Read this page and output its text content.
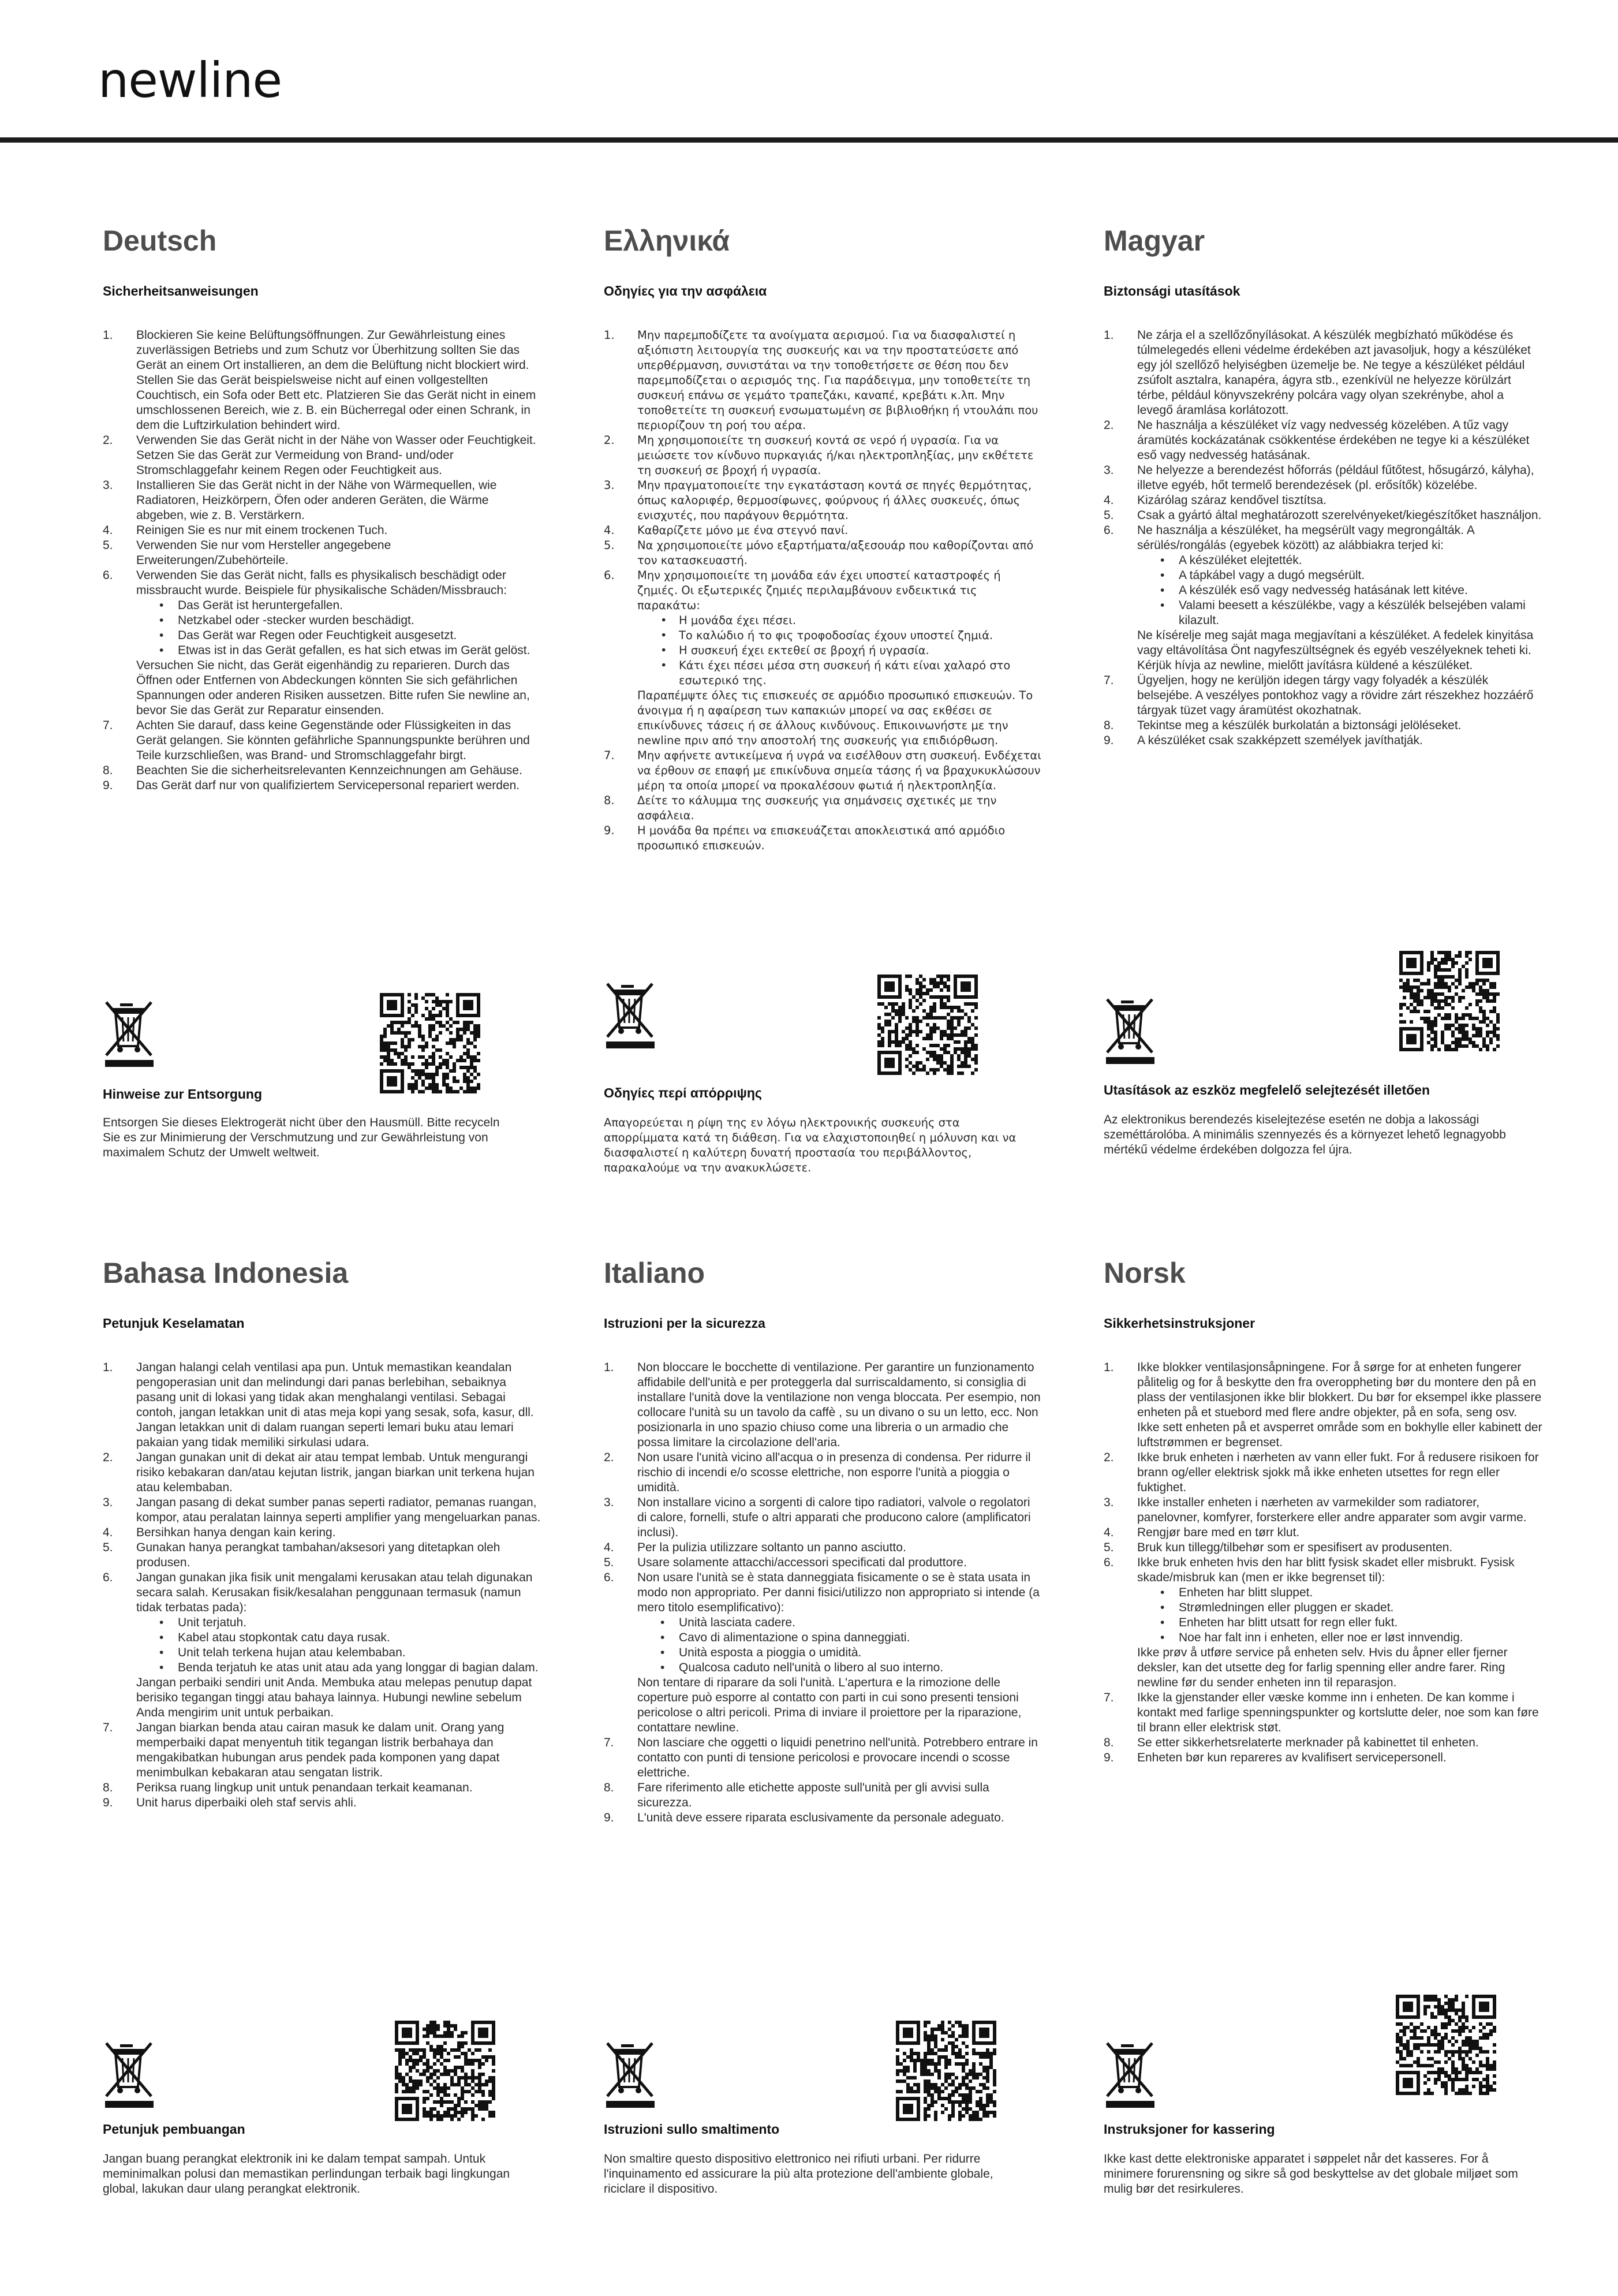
newline
Deutsch
Sicherheitsanweisungen
1.	Blockieren Sie keine Belüftungsöffnungen. Zur Gewährleistung eines zuverlässigen Betriebs und zum Schutz vor Überhitzung sollten Sie das Gerät an einem Ort installieren, an dem die Belüftung nicht blockiert wird. Stellen Sie das Gerät beispielsweise nicht auf einen vollgestellten Couchtisch, ein Sofa oder Bett etc. Platzieren Sie das Gerät nicht in einem umschlossenen Bereich, wie z. B. ein Bücherregal oder einen Schrank, in dem die Luftzirkulation behindert wird.
2.	Verwenden Sie das Gerät nicht in der Nähe von Wasser oder Feuchtigkeit. Setzen Sie das Gerät zur Vermeidung von Brand- und/oder Stromschlaggefahr keinem Regen oder Feuchtigkeit aus.
3.	Installieren Sie das Gerät nicht in der Nähe von Wärmequellen, wie Radiatoren, Heizkörpern, Öfen oder anderen Geräten, die Wärme abgeben, wie z. B. Verstärkern.
4.	Reinigen Sie es nur mit einem trockenen Tuch.
5.	Verwenden Sie nur vom Hersteller angegebene Erweiterungen/Zubehörteile.
6.	Verwenden Sie das Gerät nicht, falls es physikalisch beschädigt oder missbraucht wurde. Beispiele für physikalische Schäden/Missbrauch:
• Das Gerät ist heruntergefallen.
• Netzkabel oder -stecker wurden beschädigt.
• Das Gerät war Regen oder Feuchtigkeit ausgesetzt.
• Etwas ist in das Gerät gefallen, es hat sich etwas im Gerät gelöst.
Versuchen Sie nicht, das Gerät eigenhändig zu reparieren. Durch das Öffnen oder Entfernen von Abdeckungen könnten Sie sich gefährlichen Spannungen oder anderen Risiken aussetzen. Bitte rufen Sie newline an, bevor Sie das Gerät zur Reparatur einsenden.
7.	Achten Sie darauf, dass keine Gegenstände oder Flüssigkeiten in das Gerät gelangen. Sie könnten gefährliche Spannungspunkte berühren und Teile kurzschließen, was Brand- und Stromschlaggefahr birgt.
8.	Beachten Sie die sicherheitsrelevanten Kennzeichnungen am Gehäuse.
9.	Das Gerät darf nur von qualifiziertem Servicepersonal repariert werden.
Hinweise zur Entsorgung

Entsorgen Sie dieses Elektrogerät nicht über den Hausmüll. Bitte recyceln Sie es zur Minimierung der Verschmutzung und zur Gewährleistung von maximalem Schutz der Umwelt weltweit.

Ελληνικά
Οδηγίες για την ασφάλεια
1.	Μην παρεμποδίζετε τα ανοίγματα αερισμού. Για να διασφαλιστεί η αξιόπιστη λειτουργία της συσκευής και να την προστατεύσετε από υπερθέρμανση, συνιστάται να την τοποθετήσετε σε θέση που δεν παρεμποδίζεται ο αερισμός της. Για παράδειγμα, μην τοποθετείτε τη συσκευή επάνω σε γεμάτο τραπεζάκι, καναπέ, κρεβάτι κ.λπ. Μην τοποθετείτε τη συσκευή ενσωματωμένη σε βιβλιοθήκη ή ντουλάπι που περιορίζουν τη ροή του αέρα.
2.	Μη χρησιμοποιείτε τη συσκευή κοντά σε νερό ή υγρασία. Για να μειώσετε τον κίνδυνο πυρκαγιάς ή/και ηλεκτροπληξίας, μην εκθέτετε τη συσκευή σε βροχή ή υγρασία.
3.	Μην πραγματοποιείτε την εγκατάσταση κοντά σε πηγές θερμότητας, όπως καλοριφέρ, θερμοσίφωνες, φούρνους ή άλλες συσκευές, όπως ενισχυτές, που παράγουν θερμότητα.
4.	Καθαρίζετε μόνο με ένα στεγνό πανί.
5.	Να χρησιμοποιείτε μόνο εξαρτήματα/αξεσουάρ που καθορίζονται από τον κατασκευαστή.
6.	Μην χρησιμοποιείτε τη μονάδα εάν έχει υποστεί καταστροφές ή ζημιές. Οι εξωτερικές ζημιές περιλαμβάνουν ενδεικτικά τις παρακάτω:
• Η μονάδα έχει πέσει.
• Το καλώδιο ή το φις τροφοδοσίας έχουν υποστεί ζημιά.
• Η συσκευή έχει εκτεθεί σε βροχή ή υγρασία.
• Κάτι έχει πέσει μέσα στη συσκευή ή κάτι είναι χαλαρό στο εσωτερικό της.
Παραπέμψτε όλες τις επισκευές σε αρμόδιο προσωπικό επισκευών. Το άνοιγμα ή η αφαίρεση των καπακιών μπορεί να σας εκθέσει σε επικίνδυνες τάσεις ή σε άλλους κινδύνους. Επικοινωνήστε με την newline πριν από την αποστολή της συσκευής για επιδιόρθωση.
7.	Μην αφήνετε αντικείμενα ή υγρά να εισέλθουν στη συσκευή. Ενδέχεται να έρθουν σε επαφή με επικίνδυνα σημεία τάσης ή να βραχυκυκλώσουν μέρη τα οποία μπορεί να προκαλέσουν φωτιά ή ηλεκτροπληξία.
8.	Δείτε το κάλυμμα της συσκευής για σημάνσεις σχετικές με την ασφάλεια.
9.	Η μονάδα θα πρέπει να επισκευάζεται αποκλειστικά από αρμόδιο προσωπικό επισκευών.
Οδηγίες περί απόρριψης

Απαγορεύεται η ρίψη της εν λόγω ηλεκτρονικής συσκευής στα απορρίμματα κατά τη διάθεση. Για να ελαχιστοποιηθεί η μόλυνση και να διασφαλιστεί η καλύτερη δυνατή προστασία του περιβάλλοντος, παρακαλούμε να την ανακυκλώσετε.

Magyar
Biztonsági utasítások
1.	Ne zárja el a szellőzőnyílásokat. A készülék megbízható működése és túlmelegedés elleni védelme érdekében azt javasoljuk, hogy a készüléket egy jól szellőző helyiségben üzemelje be. Ne tegye a készüléket például zsúfolt asztalra, kanapéra, ágyra stb., ezenkívül ne helyezze körülzárt térbe, például könyvszekrény polcára vagy olyan szekrénybe, ahol a levegő áramlása korlátozott.
2.	Ne használja a készüléket víz vagy nedvesség közelében. A tűz vagy áramütés kockázatának csökkentése érdekében ne tegye ki a készüléket eső vagy nedvesség hatásának.
3.	Ne helyezze a berendezést hőforrás (például fűtőtest, hősugárzó, kályha), illetve egyéb, hőt termelő berendezések (pl. erősítők) közelébe.
4.	Kizárólag száraz kendővel tisztítsa.
5.	Csak a gyártó által meghatározott szerelvényeket/kiegészítőket használjon.
6.	Ne használja a készüléket, ha megsérült vagy megrongálták. A sérülés/rongálás (egyebek között) az alábbiakra terjed ki:
• A készüléket elejtették.
• A tápkábel vagy a dugó megsérült.
• A készülék eső vagy nedvesség hatásának lett kitéve.
• Valami beesett a készülékbe, vagy a készülék belsejében valami kilazult.
Ne kísérelje meg saját maga megjavítani a készüléket. A fedelek kinyitása vagy eltávolítása Önt nagyfeszültségnek és egyéb veszélyeknek teheti ki. Kérjük hívja az newline, mielőtt javításra küldené a készüléket.
7.	Ügyeljen, hogy ne kerüljön idegen tárgy vagy folyadék a készülék belsejébe. A veszélyes pontokhoz vagy a rövidre zárt részekhez hozzáérő tárgyak tüzet vagy áramütést okozhatnak.
8.	Tekintse meg a készülék burkolatán a biztonsági jelöléseket.
9.	A készüléket csak szakképzett személyek javíthatják.
Utasítások az eszköz megfelelő selejtezését illetően

Az elektronikus berendezés kiselejtezése esetén ne dobja a lakossági szeméttárolóba. A minimális szennyezés és a környezet lehető legnagyobb mértékű védelme érdekében dolgozza fel újra.

Bahasa Indonesia
Petunjuk Keselamatan
1.	Jangan halangi celah ventilasi apa pun. Untuk memastikan keandalan pengoperasian unit dan melindungi dari panas berlebihan, sebaiknya pasang unit di lokasi yang tidak akan menghalangi ventilasi. Sebagai contoh, jangan letakkan unit di atas meja kopi yang sesak, sofa, kasur, dll. Jangan letakkan unit di dalam ruangan seperti lemari buku atau lemari pakaian yang tidak memiliki sirkulasi udara.
2.	Jangan gunakan unit di dekat air atau tempat lembab. Untuk mengurangi risiko kebakaran dan/atau kejutan listrik, jangan biarkan unit terkena hujan atau kelembaban.
3.	Jangan pasang di dekat sumber panas seperti radiator, pemanas ruangan, kompor, atau peralatan lainnya seperti amplifier yang mengeluarkan panas.
4.	Bersihkan hanya dengan kain kering.
5.	Gunakan hanya perangkat tambahan/aksesori yang ditetapkan oleh produsen.
6.	Jangan gunakan jika fisik unit mengalami kerusakan atau telah digunakan secara salah. Kerusakan fisik/kesalahan penggunaan termasuk (namun tidak terbatas pada):
• Unit terjatuh.
• Kabel atau stopkontak catu daya rusak.
• Unit telah terkena hujan atau kelembaban.
• Benda terjatuh ke atas unit atau ada yang longgar di bagian dalam.
Jangan perbaiki sendiri unit Anda. Membuka atau melepas penutup dapat berisiko tegangan tinggi atau bahaya lainnya. Hubungi newline sebelum Anda mengirim unit untuk perbaikan.
7.	Jangan biarkan benda atau cairan masuk ke dalam unit. Orang yang memperbaiki dapat menyentuh titik tegangan listrik berbahaya dan mengakibatkan hubungan arus pendek pada komponen yang dapat menimbulkan kebakaran atau sengatan listrik.
8.	Periksa ruang lingkup unit untuk penandaan terkait keamanan.
9.	Unit harus diperbaiki oleh staf servis ahli.
Petunjuk pembuangan

Jangan buang perangkat elektronik ini ke dalam tempat sampah. Untuk meminimalkan polusi dan memastikan perlindungan terbaik bagi lingkungan global, lakukan daur ulang perangkat elektronik.

Italiano
Istruzioni per la sicurezza
1.	Non bloccare le bocchette di ventilazione. Per garantire un funzionamento affidabile dell'unità e per proteggerla dal surriscaldamento, si consiglia di installare l'unità dove la ventilazione non venga bloccata. Per esempio, non collocare l'unità su un tavolo da caffè , su un divano o su un letto, ecc. Non posizionarla in uno spazio chiuso come una libreria o un armadio che possa limitare la circolazione dell'aria.
2.	Non usare l'unità vicino all'acqua o in presenza di condensa. Per ridurre il rischio di incendi e/o scosse elettriche, non esporre l'unità a pioggia o umidità.
3.	Non installare vicino a sorgenti di calore tipo radiatori, valvole o regolatori di calore, fornelli, stufe o altri apparati che producono calore (amplificatori inclusi).
4.	Per la pulizia utilizzare soltanto un panno asciutto.
5.	Usare solamente attacchi/accessori specificati dal produttore.
6.	Non usare l'unità se è stata danneggiata fisicamente o se è stata usata in modo non appropriato. Per danni fisici/utilizzo non appropriato si intende (a mero titolo esemplificativo):
• Unità lasciata cadere.
• Cavo di alimentazione o spina danneggiati.
• Unità esposta a pioggia o umidità.
• Qualcosa caduto nell'unità o libero al suo interno.
Non tentare di riparare da soli l'unità. L'apertura e la rimozione delle coperture può esporre al contatto con parti in cui sono presenti tensioni pericolose o altri pericoli. Prima di inviare il proiettore per la riparazione, contattare newline.
7.	Non lasciare che oggetti o liquidi penetrino nell'unità. Potrebbero entrare in contatto con punti di tensione pericolosi e provocare incendi o scosse elettriche.
8.	Fare riferimento alle etichette apposte sull'unità per gli avvisi sulla sicurezza.
9.	L'unità deve essere riparata esclusivamente da personale adeguato.
Istruzioni sullo smaltimento

Non smaltire questo dispositivo elettronico nei rifiuti urbani. Per ridurre l'inquinamento ed assicurare la più alta protezione dell'ambiente globale, riciclare il dispositivo.

Norsk
Sikkerhetsinstruksjoner
1.	Ikke blokker ventilasjonsåpningene. For å sørge for at enheten fungerer pålitelig og for å beskytte den fra overoppheting bør du montere den på en plass der ventilasjonen ikke blir blokkert. Du bør for eksempel ikke plassere enheten på et stuebord med flere andre objekter, på en sofa, seng osv. Ikke sett enheten på et avsperret område som en bokhylle eller kabinett der luftstrømmen er begrenset.
2.	Ikke bruk enheten i nærheten av vann eller fukt. For å redusere risikoen for brann og/eller elektrisk sjokk må ikke enheten utsettes for regn eller fuktighet.
3.	Ikke installer enheten i nærheten av varmekilder som radiatorer, panelovner, komfyrer, forsterkere eller andre apparater som avgir varme.
4.	Rengjør bare med en tørr klut.
5.	Bruk kun tillegg/tilbehør som er spesifisert av produsenten.
6.	Ikke bruk enheten hvis den har blitt fysisk skadet eller misbrukt. Fysisk skade/misbruk kan (men er ikke begrenset til):
• Enheten har blitt sluppet.
• Strømledningen eller pluggen er skadet.
• Enheten har blitt utsatt for regn eller fukt.
• Noe har falt inn i enheten, eller noe er løst innvendig.
Ikke prøv å utføre service på enheten selv. Hvis du åpner eller fjerner deksler, kan det utsette deg for farlig spenning eller andre farer. Ring newline før du sender enheten inn til reparasjon.
7.	Ikke la gjenstander eller væske komme inn i enheten. De kan komme i kontakt med farlige spenningspunkter og kortslutte deler, noe som kan føre til brann eller elektrisk støt.
8.	Se etter sikkerhetsrelaterte merknader på kabinettet til enheten.
9.	Enheten bør kun repareres av kvalifisert servicepersonell.
Instruksjoner for kassering

Ikke kast dette elektroniske apparatet i søppelet når det kasseres. For å minimere forurensning og sikre så god beskyttelse av det globale miljøet som mulig bør det resirkuleres.
